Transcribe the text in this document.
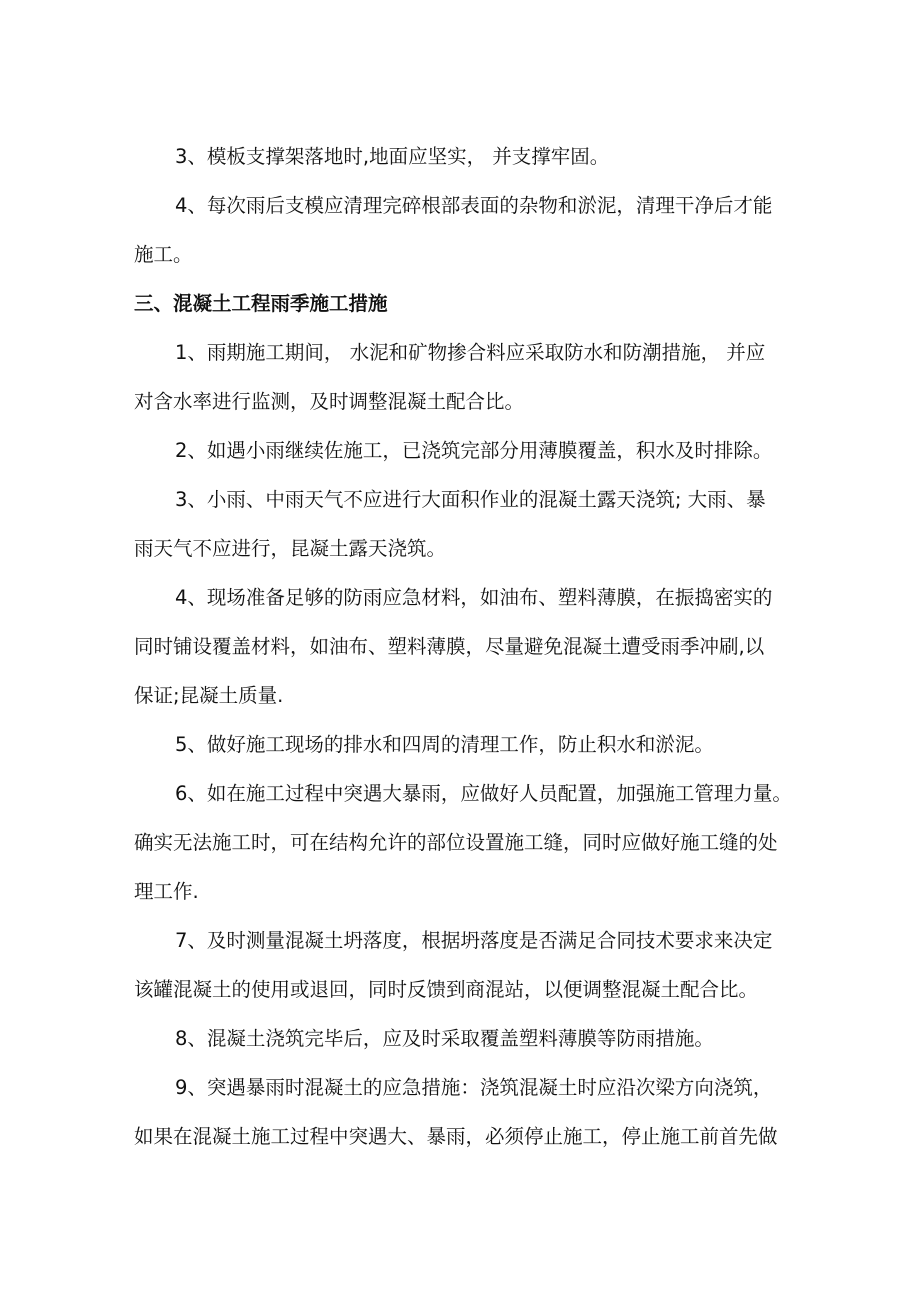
3、模板支撑架落地时,地面应坚实， 并支撑牢固。

4、每次雨后支模应清理完碎根部表面的杂物和淤泥，清理干净后才能

施工。

三、混凝土工程雨季施工措施

1、雨期施工期间， 水泥和矿物掺合料应采取防水和防潮措施， 并应

对含水率进行监测，及时调整混凝土配合比。

2、如遇小雨继续佐施工，已浇筑完部分用薄膜覆盖，积水及时排除。

3、小雨、中雨天气不应进行大面积作业的混凝土露天浇筑; 大雨、暴

雨天气不应进行，昆凝土露天浇筑。

4、现场准备足够的防雨应急材料，如油布、塑料薄膜，在振捣密实的

同时铺设覆盖材料，如油布、塑料薄膜，尽量避免混凝土遭受雨季冲刷,以

保证;昆凝土质量.

5、做好施工现场的排水和四周的清理工作，防止积水和淤泥。

6、如在施工过程中突遇大暴雨，应做好人员配置，加强施工管理力量。

确实无法施工时，可在结构允许的部位设置施工缝，同时应做好施工缝的处

理工作.

7、及时测量混凝土坍落度，根据坍落度是否满足合同技术要求来决定

该罐混凝土的使用或退回，同时反馈到商混站，以便调整混凝土配合比。

8、混凝土浇筑完毕后，应及时采取覆盖塑料薄膜等防雨措施。

9、突遇暴雨时混凝土的应急措施：浇筑混凝土时应沿次梁方向浇筑，

如果在混凝土施工过程中突遇大、暴雨，必须停止施工，停止施工前首先做
